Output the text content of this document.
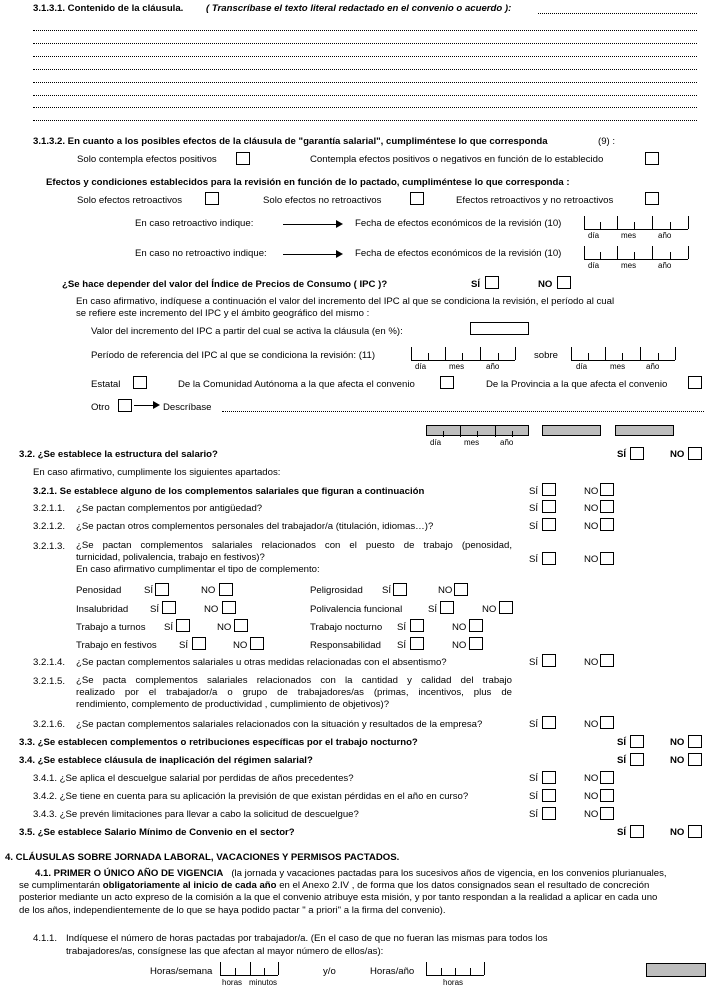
3.1.3.1. Contenido de la cláusula. ( Transcríbase el texto literal redactado en el convenio o acuerdo ):
3.1.3.2. En cuanto a los posibles efectos de la cláusula de "garantía salarial", cumpliméntese lo que corresponda	(9) :
Solo contempla efectos positivos	Contempla efectos positivos o negativos en función de lo establecido
Efectos y condiciones establecidos para la revisión en función de lo pactado, cumpliméntese lo que corresponda :
Solo efectos retroactivos	Solo efectos no retroactivos	Efectos retroactivos y no retroactivos
En caso retroactivo indique:	Fecha de efectos económicos de la revisión (10)
día	mes	año
En caso no retroactivo indique:	Fecha de efectos económicos de la revisión (10)
día	mes	año
¿Se hace depender del valor del Índice de Precios de Consumo ( IPC )?	SÍ	NO
En caso afirmativo, indíquese a continuación el valor del incremento del IPC al que se condiciona la revisión, el período al cual
se refiere este incremento del IPC y el ámbito geográfico del mismo :
Valor del incremento del IPC a partir del cual se activa la cláusula (en %):
Período de referencia del IPC al que se condiciona la revisión: (11)
día	mes	año
sobre
día	mes	año
Estatal	De la Comunidad Autónoma a la que afecta el convenio	De la Provincia a la que afecta el convenio
Otro	Descríbase
día	mes	año
3.2. ¿Se establece la estructura del salario?	SÍ	NO
En caso afirmativo, cumplimente los siguientes apartados:
3.2.1. Se establece alguno de los complementos salariales que figuran a continuación	SÍ	NO
3.2.1.1. ¿Se pactan complementos por antigüedad?	SÍ	NO
3.2.1.2. ¿Se pactan otros complementos personales del trabajador/a (titulación, idiomas…)?	SÍ	NO
3.2.1.3. ¿Se pactan complementos salariales relacionados con el puesto de trabajo (penosidad,
turnicidad, polivalencia, trabajo en festivos)?
En caso afirmativo cumplimentar el tipo de complemento:
SÍ	NO
Penosidad SÍ	NO	Peligrosidad SÍ	NO
Insalubridad SÍ	NO	Polivalencia funcional	SÍ	NO
Trabajo a turnos SÍ	NO	Trabajo nocturno SÍ	NO
Trabajo en festivos SÍ	NO	Responsabilidad SÍ	NO
3.2.1.4. ¿Se pactan complementos salariales u otras medidas relacionadas con el absentismo?	SÍ	NO
3.2.1.5. ¿Se pacta complementos salariales relacionados con la cantidad y calidad del trabajo
realizado por el trabajador/a o grupo de trabajadores/as (primas, incentivos, plus de
rendimiento, complemento de productividad , cumplimiento de objetivos)?
3.2.1.6. ¿Se pactan complementos salariales relacionados con la situación y resultados de la empresa?	SÍ	NO
3.3. ¿Se establecen complementos o retribuciones específicas por el trabajo nocturno?	SÍ	NO
3.4. ¿Se establece cláusula de inaplicación del régimen salarial?	SÍ	NO
3.4.1. ¿Se aplica el descuelgue salarial por perdidas de años precedentes?	SÍ	NO
3.4.2. ¿Se tiene en cuenta para su aplicación la previsión de que existan pérdidas en el año en curso?	SÍ	NO
3.4.3. ¿Se prevén limitaciones para llevar a cabo la solicitud de descuelgue?	SÍ	NO
3.5. ¿Se establece Salario Mínimo de Convenio en el sector?	SÍ	NO
4. CLÁUSULAS SOBRE JORNADA LABORAL, VACACIONES Y PERMISOS PACTADOS.
4.1. PRIMER O ÚNICO AÑO DE VIGENCIA (la jornada y vacaciones pactadas para los sucesivos años de vigencia, en los convenios plurianuales,
se cumplimentarán obligatoriamente al inicio de cada año en el Anexo 2.IV , de forma que los datos consignados sean el resultado de concreción
posterior mediante un acto expreso de la comisión a la que el convenio atribuye esta misión, y por tanto respondan a la realidad a aplicar en cada uno
de los años, independientemente de lo que se haya podido pactar " a priori" a la firma del convenio).
4.1.1. Indíquese el número de horas pactadas por trabajador/a. (En el caso de que no fueran las mismas para todos los
trabajadores/as, consígnese las que afectan al mayor número de ellos/as):
Horas/semana
horas minutos
y/o	Horas/año
horas
